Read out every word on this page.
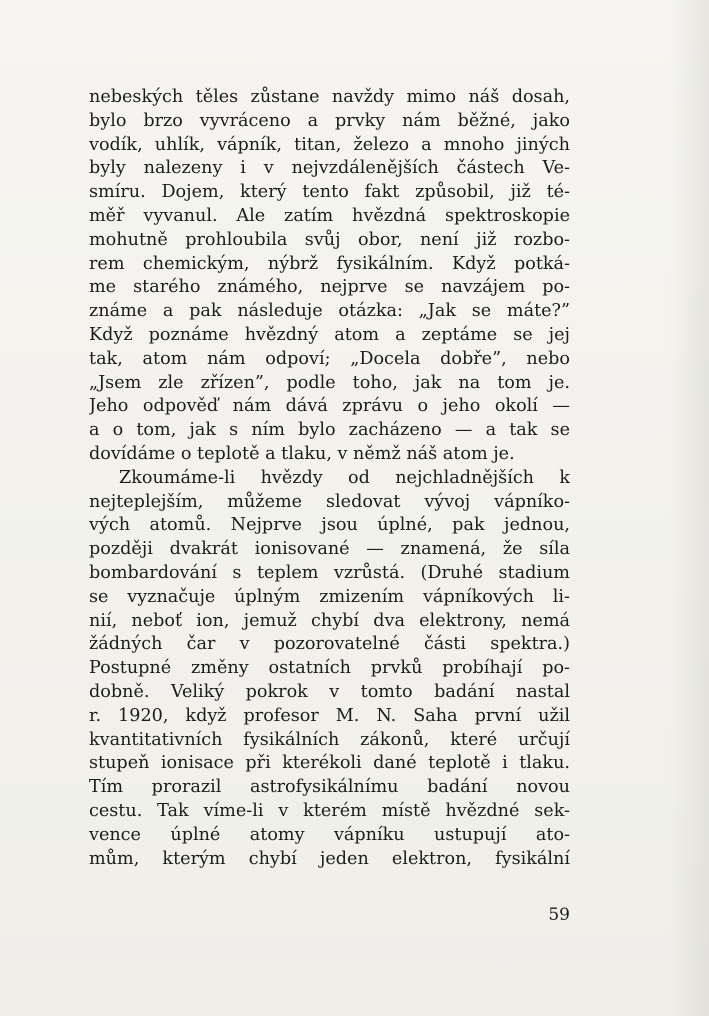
nebeských těles zůstane navždy mimo náš dosah,
bylo brzo vyvráceno a prvky nám běžné, jako
vodík, uhlík, vápník, titan, železo a mnoho jiných
byly nalezeny i v nejvzdálenějších částech Ve-
smíru. Dojem, který tento fakt způsobil, již té-
měř vyvanul. Ale zatím hvězdná spektroskopie
mohutně prohloubila svůj obor, není již rozbo-
rem chemickým, nýbrž fysikálním. Když potká-
me starého známého, nejprve se navzájem po-
známe a pak následuje otázka: „Jak se máte?”
Když poznáme hvězdný atom a zeptáme se jej
tak, atom nám odpoví; „Docela dobře”, nebo
„Jsem zle zřízen”, podle toho, jak na tom je.
Jeho odpověď nám dává zprávu o jeho okolí —
a o tom, jak s ním bylo zacházeno — a tak se
dovídáme o teplotě a tlaku, v němž náš atom je.
Zkoumáme-li hvězdy od nejchladnějších k
nejteplejším, můžeme sledovat vývoj vápníko-
vých atomů. Nejprve jsou úplné, pak jednou,
později dvakrát ionisované — znamená, že síla
bombardování s teplem vzrůstá. (Druhé stadium
se vyznačuje úplným zmizením vápníkových li-
nií, neboť ion, jemuž chybí dva elektrony, nemá
žádných čar v pozorovatelné části spektra.)
Postupné změny ostatních prvků probíhají po-
dobně. Veliký pokrok v tomto badání nastal
r. 1920, když profesor M. N. Saha první užil
kvantitativních fysikálních zákonů, které určují
stupeň ionisace při kterékoli dané teplotě i tlaku.
Tím prorazil astrofysikálnímu badání novou
cestu. Tak víme-li v kterém místě hvězdné sek-
vence úplné atomy vápníku ustupují ato-
mům, kterým chybí jeden elektron, fysikální
59
